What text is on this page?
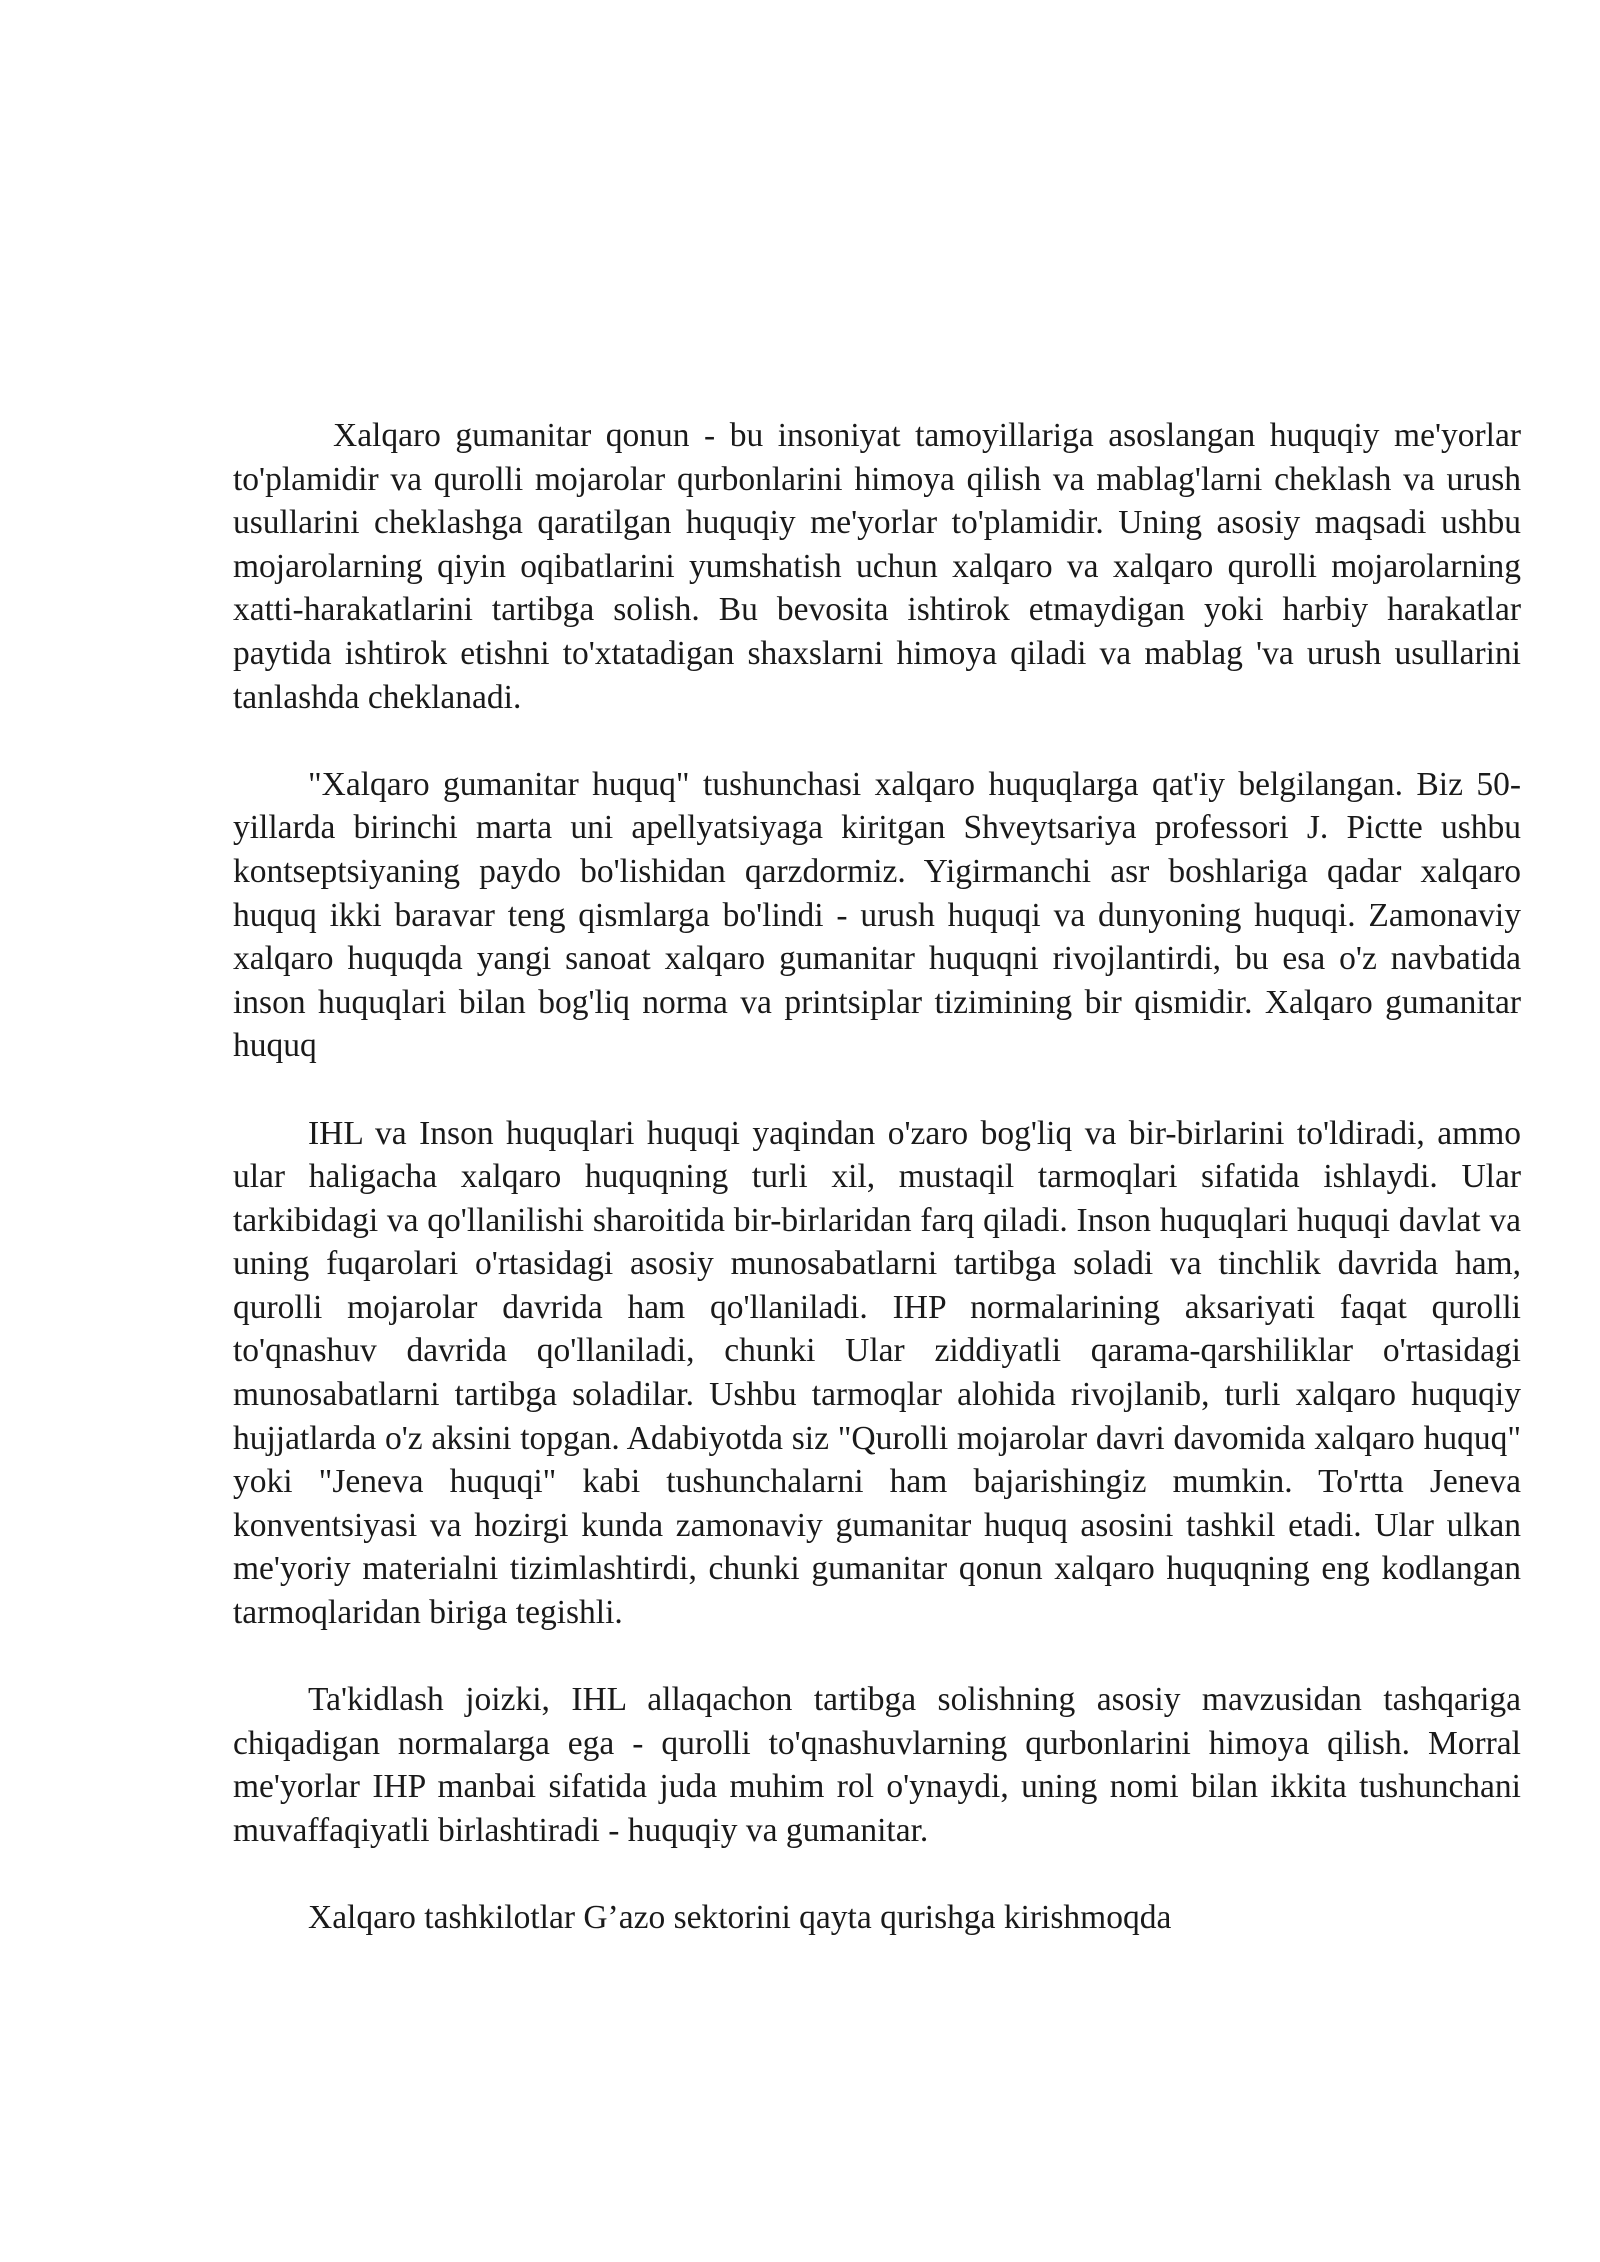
Xalqaro gumanitar qonun - bu insoniyat tamoyillariga asoslangan huquqiy me'yorlar to'plamidir va qurolli mojarolar qurbonlarini himoya qilish va mablag'larni cheklash va urush usullarini cheklashga qaratilgan huquqiy me'yorlar to'plamidir. Uning asosiy maqsadi ushbu mojarolarning qiyin oqibatlarini yumshatish uchun xalqaro va xalqaro qurolli mojarolarning xatti-harakatlarini tartibga solish. Bu bevosita ishtirok etmaydigan yoki harbiy harakatlar paytida ishtirok etishni to'xtatadigan shaxslarni himoya qiladi va mablag 'va urush usullarini tanlashda cheklanadi.

"Xalqaro gumanitar huquq" tushunchasi xalqaro huquqlarga qat'iy belgilangan. Biz 50-yillarda birinchi marta uni apellyatsiyaga kiritgan Shveytsariya professori J. Pictte ushbu kontseptsiyaning paydo bo'lishidan qarzdormiz. Yigirmanchi asr boshlariga qadar xalqaro huquq ikki baravar teng qismlarga bo'lindi - urush huquqi va dunyoning huquqi. Zamonaviy xalqaro huquqda yangi sanoat xalqaro gumanitar huquqni rivojlantirdi, bu esa o'z navbatida inson huquqlari bilan bog'liq norma va printsiplar tizimining bir qismidir. Xalqaro gumanitar huquq

IHL va Inson huquqlari huquqi yaqindan o'zaro bog'liq va bir-birlarini to'ldiradi, ammo ular haligacha xalqaro huquqning turli xil, mustaqil tarmoqlari sifatida ishlaydi. Ular tarkibidagi va qo'llanilishi sharoitida bir-birlaridan farq qiladi. Inson huquqlari huquqi davlat va uning fuqarolari o'rtasidagi asosiy munosabatlarni tartibga soladi va tinchlik davrida ham, qurolli mojarolar davrida ham qo'llaniladi. IHP normalarining aksariyati faqat qurolli to'qnashuv davrida qo'llaniladi, chunki Ular ziddiyatli qarama-qarshiliklar o'rtasidagi munosabatlarni tartibga soladilar. Ushbu tarmoqlar alohida rivojlanib, turli xalqaro huquqiy hujjatlarda o'z aksini topgan. Adabiyotda siz "Qurolli mojarolar davri davomida xalqaro huquq" yoki "Jeneva huquqi" kabi tushunchalarni ham bajarishingiz mumkin. To'rtta Jeneva konventsiyasi va hozirgi kunda zamonaviy gumanitar huquq asosini tashkil etadi. Ular ulkan me'yoriy materialni tizimlashtirdi, chunki gumanitar qonun xalqaro huquqning eng kodlangan tarmoqlaridan biriga tegishli.

Ta'kidlash joizki, IHL allaqachon tartibga solishning asosiy mavzusidan tashqariga chiqadigan normalarga ega - qurolli to'qnashuvlarning qurbonlarini himoya qilish. Morral me'yorlar IHP manbai sifatida juda muhim rol o'ynaydi, uning nomi bilan ikkita tushunchani muvaffaqiyatli birlashtiradi - huquqiy va gumanitar.

Xalqaro tashkilotlar G’azo sektorini qayta qurishga kirishmoqda
